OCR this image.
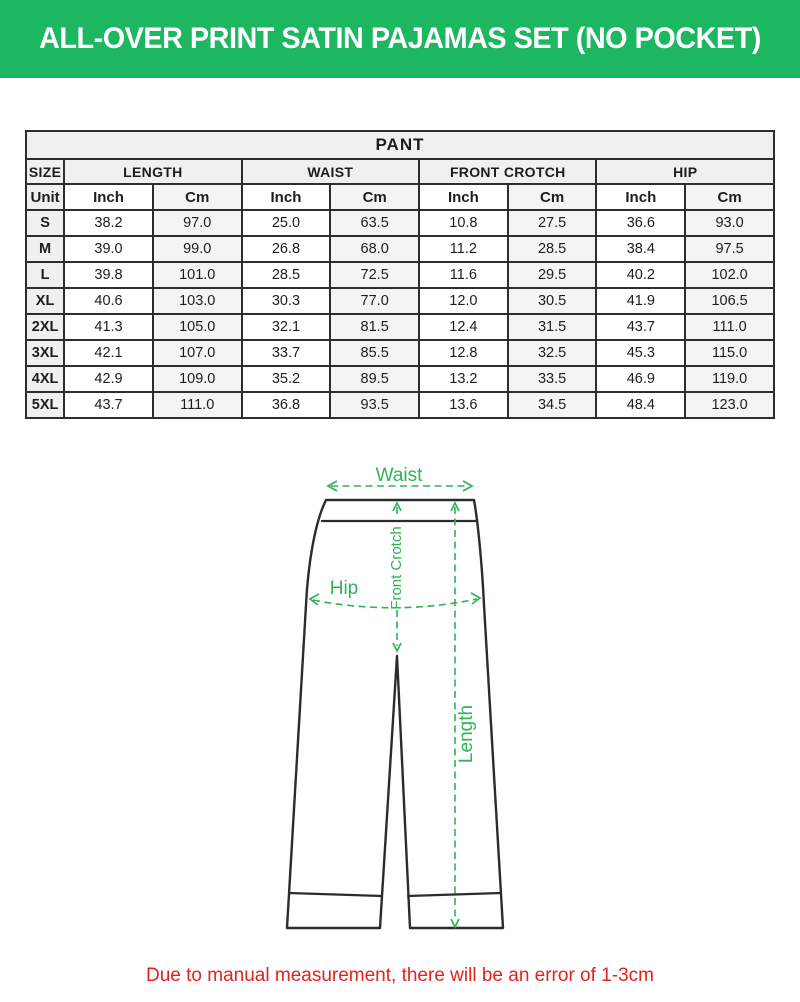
ALL-OVER PRINT SATIN PAJAMAS SET (NO POCKET)
PANT								
SIZE	LENGTH		WAIST		FRONT CROTCH		HIP	
Unit	Inch	Cm	Inch	Cm	Inch	Cm	Inch	Cm
S	38.2	97.0	25.0	63.5	10.8	27.5	36.6	93.0
M	39.0	99.0	26.8	68.0	11.2	28.5	38.4	97.5
L	39.8	101.0	28.5	72.5	11.6	29.5	40.2	102.0
XL	40.6	103.0	30.3	77.0	12.0	30.5	41.9	106.5
2XL	41.3	105.0	32.1	81.5	12.4	31.5	43.7	111.0
3XL	42.1	107.0	33.7	85.5	12.8	32.5	45.3	115.0
4XL	42.9	109.0	35.2	89.5	13.2	33.5	46.9	119.0
5XL	43.7	111.0	36.8	93.5	13.6	34.5	48.4	123.0
Waist
Front Crotch
Hip
Length

Due to manual measurement, there will be an error of 1-3cm
